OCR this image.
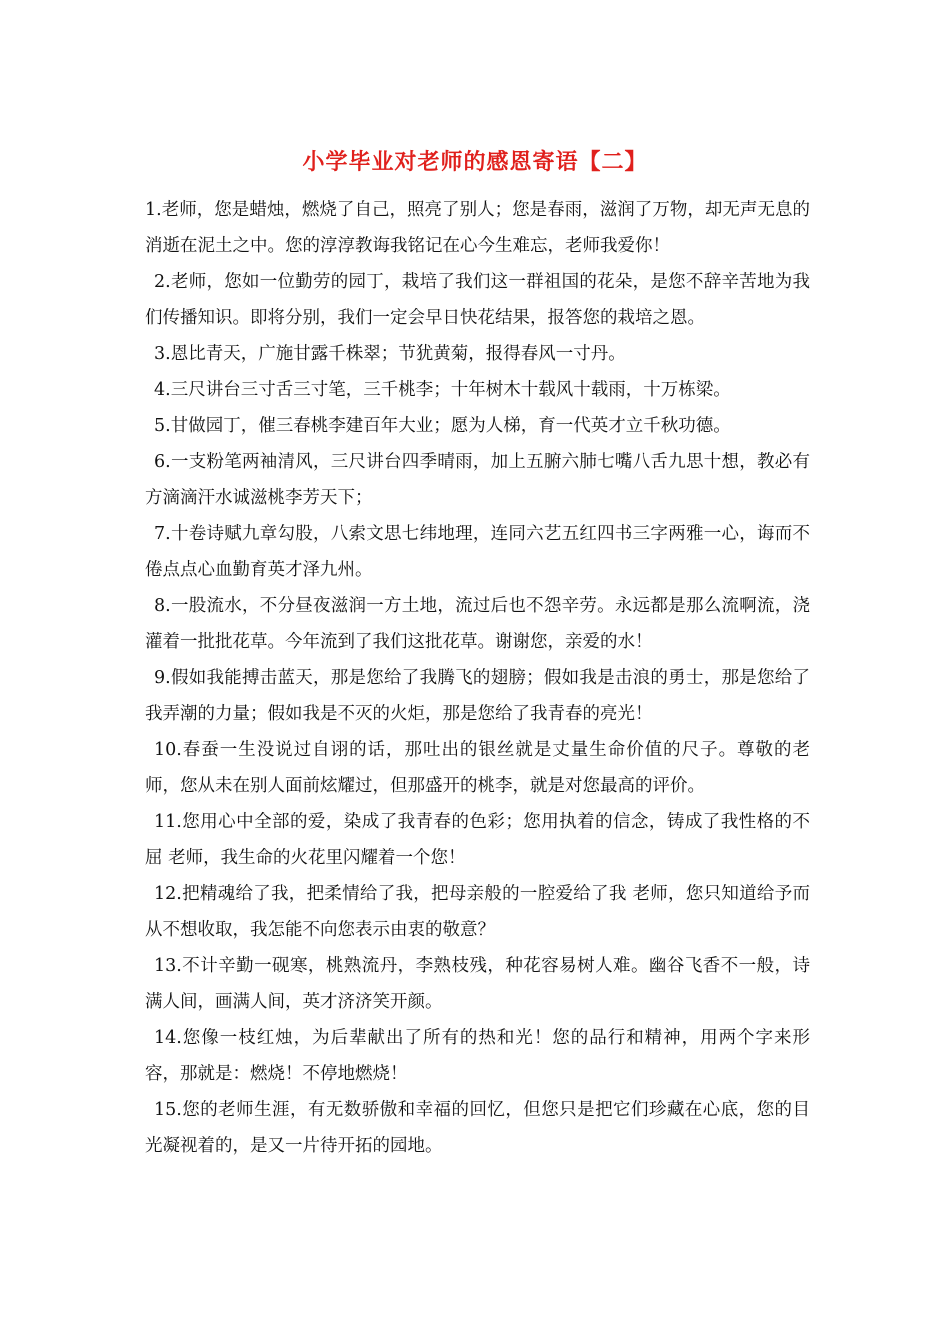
小学毕业对老师的感恩寄语【二】

1.老师，您是蜡烛，燃烧了自己，照亮了别人；您是春雨，滋润了万物，却无声无息的消逝在泥土之中。您的淳淳教诲我铭记在心今生难忘，老师我爱你！

2.老师，您如一位勤劳的园丁，栽培了我们这一群祖国的花朵，是您不辞辛苦地为我们传播知识。即将分别，我们一定会早日快花结果，报答您的栽培之恩。

3.恩比青天，广施甘露千株翠；节犹黄菊，报得春风一寸丹。

4.三尺讲台三寸舌三寸笔，三千桃李；十年树木十载风十载雨，十万栋梁。

5.甘做园丁，催三春桃李建百年大业；愿为人梯，育一代英才立千秋功德。

6.一支粉笔两袖清风，三尺讲台四季晴雨，加上五腑六肺七嘴八舌九思十想，教必有方滴滴汗水诚滋桃李芳天下；

7.十卷诗赋九章勾股，八索文思七纬地理，连同六艺五红四书三字两雅一心，诲而不倦点点心血勤育英才泽九州。

8.一股流水，不分昼夜滋润一方土地，流过后也不怨辛劳。永远都是那么流啊流，浇灌着一批批花草。今年流到了我们这批花草。谢谢您，亲爱的水！

9.假如我能搏击蓝天，那是您给了我腾飞的翅膀；假如我是击浪的勇士，那是您给了我弄潮的力量；假如我是不灭的火炬，那是您给了我青春的亮光！

10.春蚕一生没说过自诩的话，那吐出的银丝就是丈量生命价值的尺子。尊敬的老师，您从未在别人面前炫耀过，但那盛开的桃李，就是对您最高的评价。

11.您用心中全部的爱，染成了我青春的色彩；您用执着的信念，铸成了我性格的不屈 老师，我生命的火花里闪耀着一个您！

12.把精魂给了我，把柔情给了我，把母亲般的一腔爱给了我 老师，您只知道给予而从不想收取，我怎能不向您表示由衷的敬意？

13.不计辛勤一砚寒，桃熟流丹，李熟枝残，种花容易树人难。幽谷飞香不一般，诗满人间，画满人间，英才济济笑开颜。

14.您像一枝红烛，为后辈献出了所有的热和光！您的品行和精神，用两个字来形容，那就是：燃烧！不停地燃烧！

15.您的老师生涯，有无数骄傲和幸福的回忆，但您只是把它们珍藏在心底，您的目光凝视着的，是又一片待开拓的园地。
